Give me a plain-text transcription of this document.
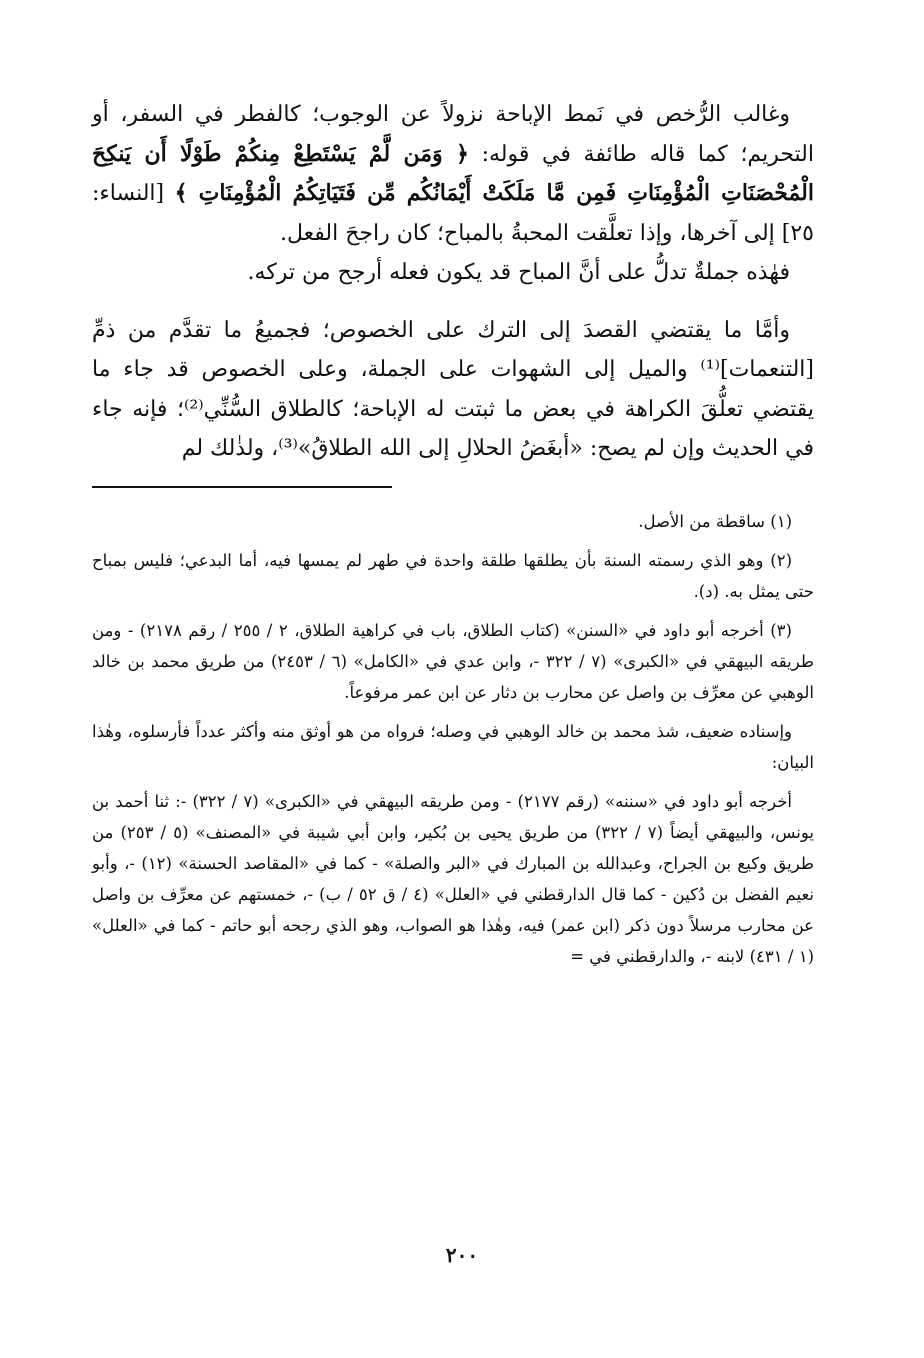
وغالب الرُّخص في نَمط الإباحة نزولاً عن الوجوب؛ كالفطر في السفر، أو التحريم؛ كما قاله طائفة في قوله: ﴿ وَمَن لَّمْ يَسْتَطِعْ مِنكُمْ طَوْلًا أَن يَنكِحَ الْمُحْصَنَاتِ الْمُؤْمِنَاتِ فَمِن مَّا مَلَكَتْ أَيْمَانُكُم مِّن فَتَيَاتِكُمُ الْمُؤْمِنَاتِ ﴾ [النساء: ٢٥] إلى آخرها، وإذا تعلَّقت المحبةُ بالمباح؛ كان راجحَ الفعل.

فهٰذه جملةٌ تدلُّ على أنَّ المباح قد يكون فعله أرجح من تركه.

وأمَّا ما يقتضي القصدَ إلى الترك على الخصوص؛ فجميعُ ما تقدَّم من ذمِّ [التنعمات]⁽¹⁾ والميل إلى الشهوات على الجملة، وعلى الخصوص قد جاء ما يقتضي تعلُّقَ الكراهة في بعض ما ثبتت له الإباحة؛ كالطلاق السُّنِّي⁽²⁾؛ فإنه جاء في الحديث وإن لم يصح: «أبغَضُ الحلالِ إلى الله الطلاقُ»⁽³⁾، ولذٰلك لم

(١) ساقطة من الأصل.

(٢) وهو الذي رسمته السنة بأن يطلقها طلقة واحدة في طهر لم يمسها فيه، أما البدعي؛ فليس بمباح حتى يمثل به. (د).

(٣) أخرجه أبو داود في «السنن» (كتاب الطلاق، باب في كراهية الطلاق، ٢ / ٢٥٥ / رقم ٢١٧٨) - ومن طريقه البيهقي في «الكبرى» (٧ / ٣٢٢ -، وابن عدي في «الكامل» (٦ / ٢٤٥٣) من طريق محمد بن خالد الوهبي عن معرِّف بن واصل عن محارب بن دثار عن ابن عمر مرفوعاً.

وإسناده ضعيف، شذ محمد بن خالد الوهبي في وصله؛ فرواه من هو أوثق منه وأكثر عدداً فأرسلوه، وهٰذا البيان:

أخرجه أبو داود في «سننه» (رقم ٢١٧٧) - ومن طريقه البيهقي في «الكبرى» (٧ / ٣٢٢) -: ثنا أحمد بن يونس، والبيهقي أيضاً (٧ / ٣٢٢) من طريق يحيى بن بُكير، وابن أبي شيبة في «المصنف» (٥ / ٢٥٣) من طريق وكيع بن الجراح، وعبدالله بن المبارك في «البر والصلة» - كما في «المقاصد الحسنة» (١٢) -، وأبو نعيم الفضل بن دُكين - كما قال الدارقطني في «العلل» (٤ / ق ٥٢ / ب) -، خمستهم عن معرِّف بن واصل عن محارب مرسلاً دون ذكر (ابن عمر) فيه، وهٰذا هو الصواب، وهو الذي رجحه أبو حاتم - كما في «العلل» (١ / ٤٣١) لابنه -، والدارقطني في =

٢٠٠
